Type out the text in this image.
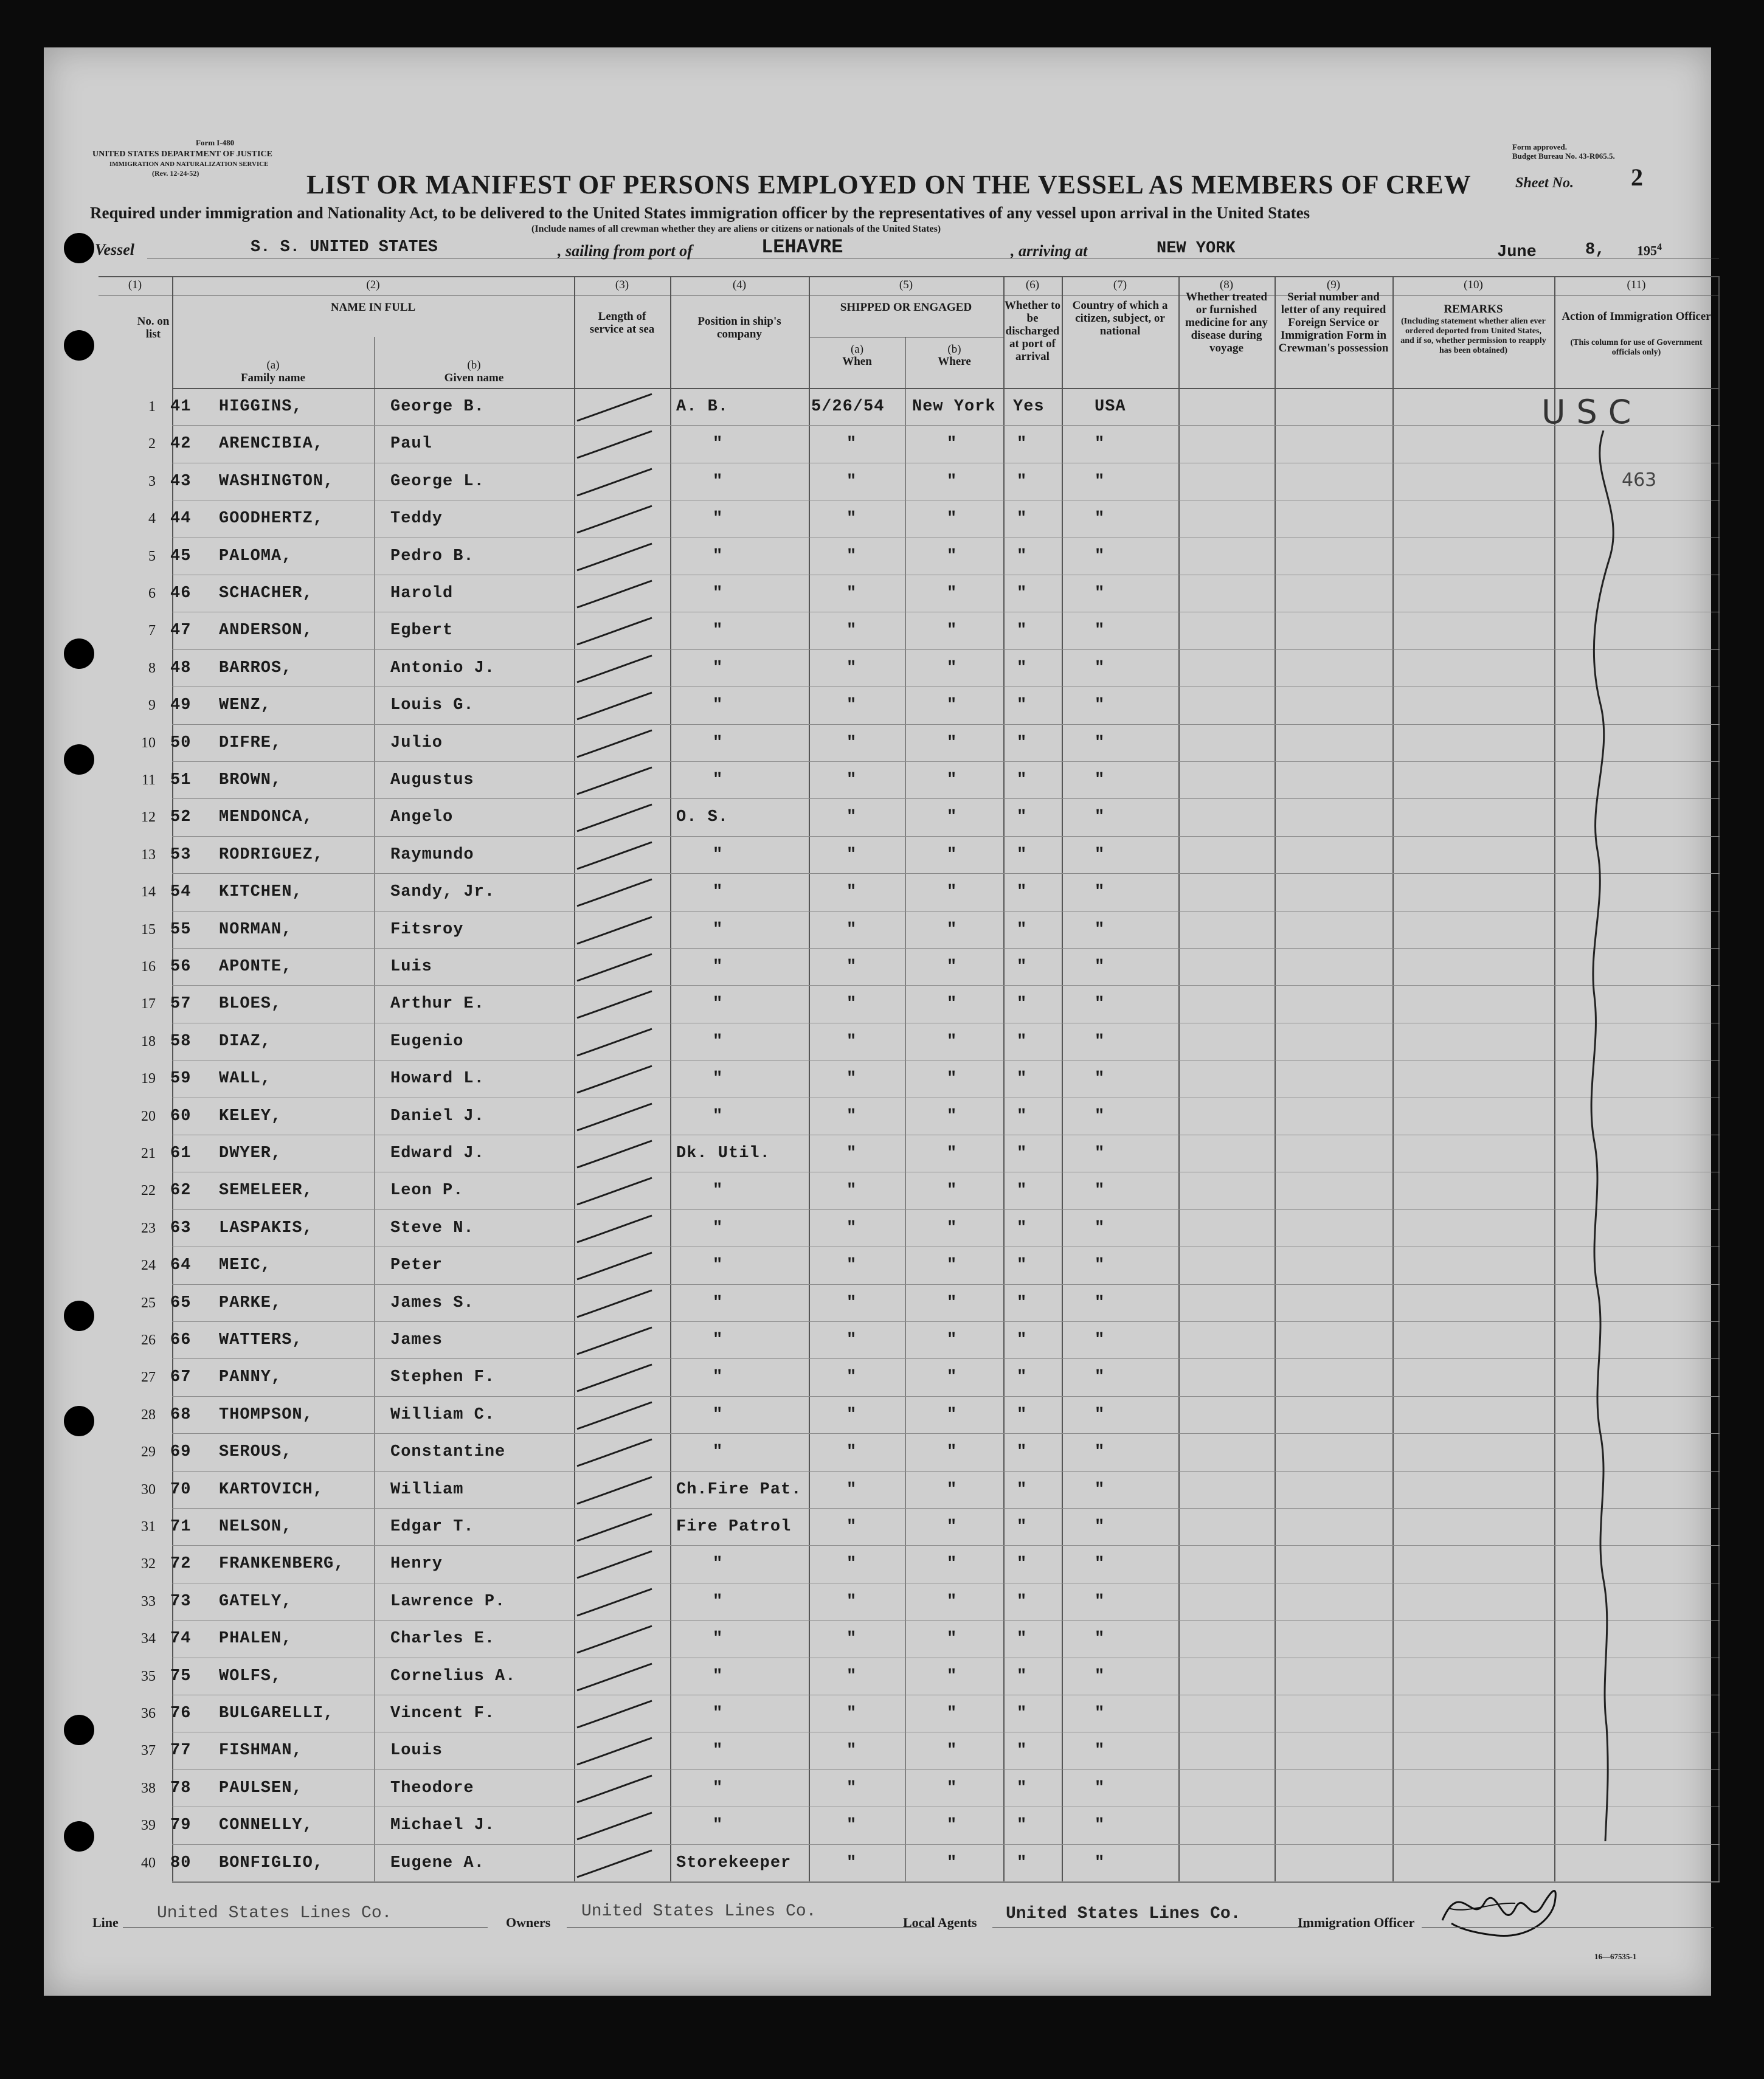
Form I-480
UNITED STATES DEPARTMENT OF JUSTICE
IMMIGRATION AND NATURALIZATION SERVICE
(Rev. 12-24-52)
Form approved.
Budget Bureau No. 43-R065.5.
LIST OR MANIFEST OF PERSONS EMPLOYED ON THE VESSEL AS MEMBERS OF CREW	Sheet No. 2
Required under immigration and Nationality Act, to be delivered to the United States immigration officer by the representatives of any vessel upon arrival in the United States
(Include names of all crewman whether they are aliens or citizens or nationals of the United States)
Vessel	S. S. UNITED STATES	, sailing from port of	LEHAVRE	, arriving at	NEW YORK	June	8, $195^4$
(1)
No. on list
(2)
NAME IN FULL
(a)
Family name
(b)
Given name
(3)
Length of service at sea
(4)
Position in ship's company
(5)
SHIPPED OR ENGAGED
(a)
When
(b)
Where
(6)
Whether to be discharged at port of arrival
(7)
Country of which a citizen, subject, or national
(8)
Whether treated or furnished medicine for any disease during voyage
(9)
Serial number and letter of any required Foreign Service or Immigration Form in Crewman's possession
(10)
REMARKS
(Including statement whether alien ever ordered deported from United States, and if so, whether permission to reapply has been obtained)
(11)
Action of Immigration Officer
(This column for use of Government officials only)
1 41 HIGGINS,	George B.	A. B.	5/26/54 New York Yes	USA
2 42 ARENCIBIA,	Paul	"	"	"	"	"
3 43 WASHINGTON,	George L.	"	"	"	"	"
4 44 GOODHERTZ,	Teddy	"	"	"	"	"
5 45 PALOMA,	Pedro B.	"	"	"	"	"
6 46 SCHACHER,	Harold	"	"	"	"	"
7 47 ANDERSON,	Egbert	"	"	"	"	"
8 48 BARROS,	Antonio J.	"	"	"	"	"
9 49 WENZ,	Louis G.	"	"	"	"	"
10 50 DIFRE,	Julio	"	"	"	"	"
11 51 BROWN,	Augustus	"	"	"	"	"
12 52 MENDONCA,	Angelo	O. S.	"	"	"	"
13 53 RODRIGUEZ,	Raymundo	"	"	"	"	"
14 54 KITCHEN,	Sandy, Jr.	"	"	"	"	"
15 55 NORMAN,	Fitsroy	"	"	"	"	"
16 56 APONTE,	Luis	"	"	"	"	"
17 57 BLOES,	Arthur E.	"	"	"	"	"
18 58 DIAZ,	Eugenio	"	"	"	"	"
19 59 WALL,	Howard L.	"	"	"	"	"
20 60 KELEY,	Daniel J.	"	"	"	"	"
21 61 DWYER,	Edward J.	Dk. Util.	"	"	"	"
22 62 SEMELEER,	Leon P.	"	"	"	"	"
23 63 LASPAKIS,	Steve N.	"	"	"	"	"
24 64 MEIC,	Peter	"	"	"	"	"
25 65 PARKE,	James S.	"	"	"	"	"
26 66 WATTERS,	James	"	"	"	"	"
27 67 PANNY,	Stephen F.	"	"	"	"	"
28 68 THOMPSON,	William C.	"	"	"	"	"
29 69 SEROUS,	Constantine	"	"	"	"	"
30 70 KARTOVICH,	William	Ch.Fire Pat.	"	"	"	"
31 71 NELSON,	Edgar T.	Fire Patrol	"	"	"	"
32 72 FRANKENBERG,	Henry	"	"	"	"	"
33 73 GATELY,	Lawrence P.	"	"	"	"	"
34 74 PHALEN,	Charles E.	"	"	"	"	"
35 75 WOLFS,	Cornelius A.	"	"	"	"	"
36 76 BULGARELLI,	Vincent F.	"	"	"	"	"
37 77 FISHMAN,	Louis	"	"	"	"	"
38 78 PAULSEN,	Theodore	"	"	"	"	"
39 79 CONNELLY,	Michael J.	"	"	"	"	"
40 80 BONFIGLIO,	Eugene A.	Storekeeper	"	"	"	"
USC
463
Line United States Lines Co.	Owners
United States Lines Co.
Local Agents United States Lines Co.	Immigration Officer
16—67535-1
